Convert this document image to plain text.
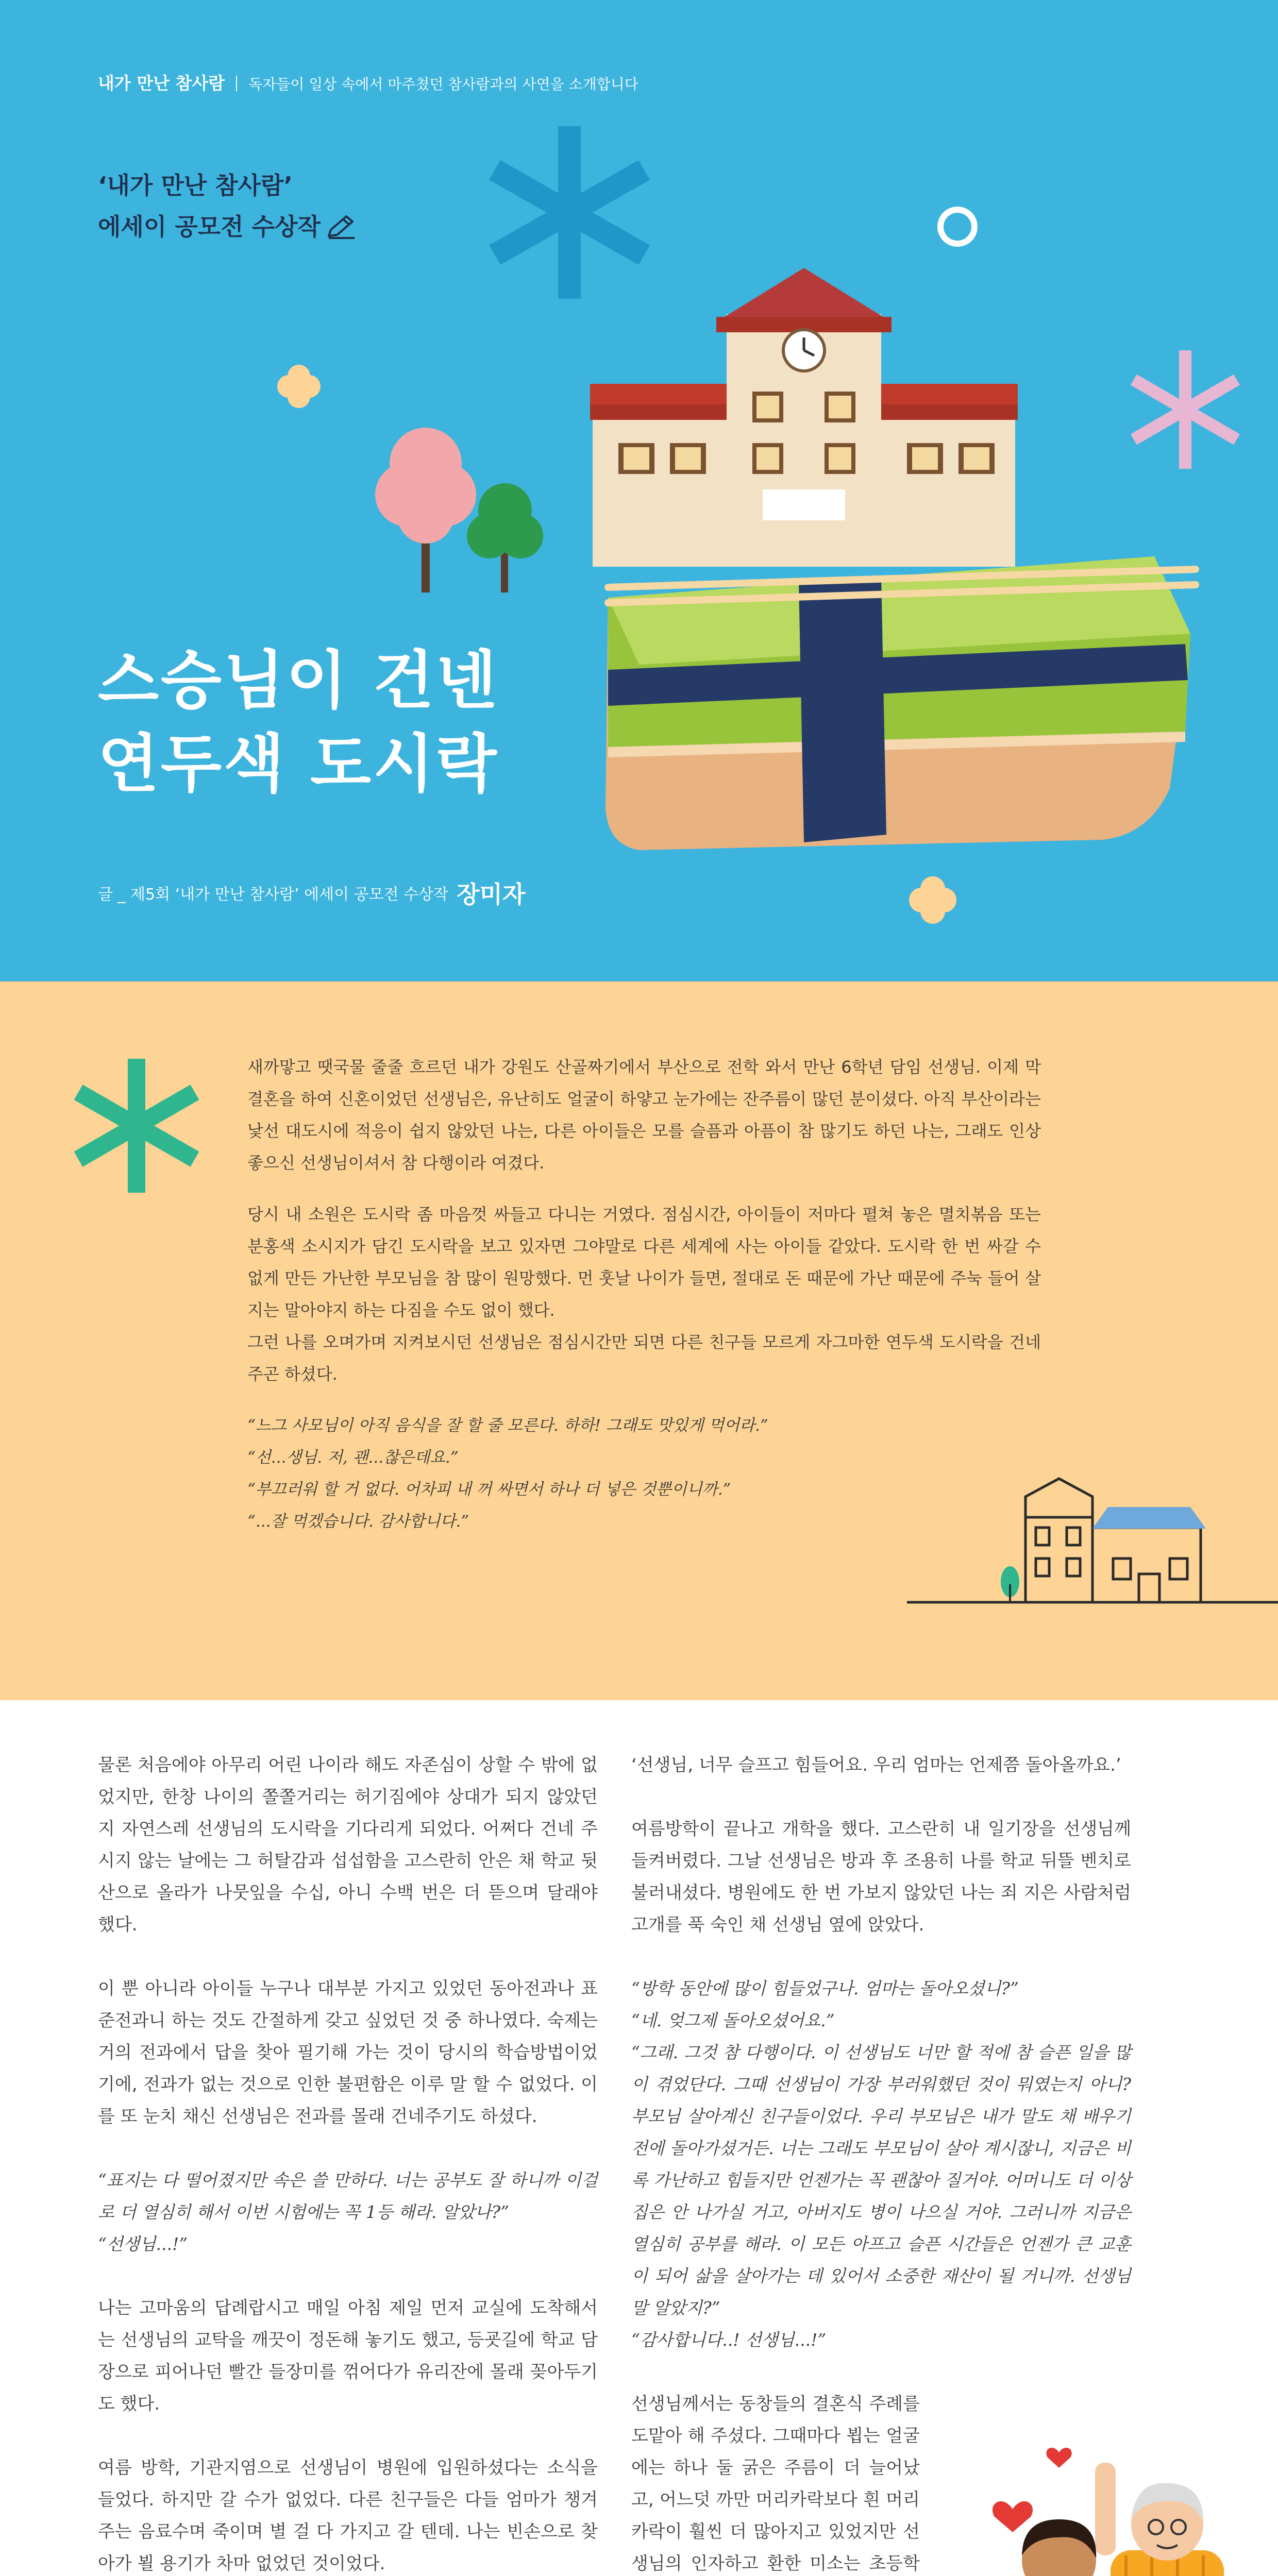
내가 만난 참사람 독자들이 일상 속에서 마주쳤던 참사람과의 사연을 소개합니다
‘내가 만난 참사람’
에세이 공모전 수상작
스승님이 건넨
연두색 도시락
글 _ 제5회 ‘내가 만난 참사람’ 에세이 공모전 수상작 장미자

새까맣고 땟국물 줄줄 흐르던 내가 강원도 산골짜기에서 부산으로 전학 와서 만난 6학년 담임 선생님. 이제 막 결혼을 하여 신혼이었던 선생님은, 유난히도 얼굴이 하얗고 눈가에는 잔주름이 많던 분이셨다. 아직 부산이라는 낯선 대도시에 적응이 쉽지 않았던 나는, 다른 아이들은 모를 슬픔과 아픔이 참 많기도 하던 나는, 그래도 인상 좋으신 선생님이셔서 참 다행이라 여겼다.

당시 내 소원은 도시락 좀 마음껏 싸들고 다니는 거였다. 점심시간, 아이들이 저마다 펼쳐 놓은 멸치볶음 또는 분홍색 소시지가 담긴 도시락을 보고 있자면 그야말로 다른 세계에 사는 아이들 같았다. 도시락 한 번 싸갈 수 없게 만든 가난한 부모님을 참 많이 원망했다. 먼 훗날 나이가 들면, 절대로 돈 때문에 가난 때문에 주눅 들어 살지는 말아야지 하는 다짐을 수도 없이 했다.
그런 나를 오며가며 지켜보시던 선생님은 점심시간만 되면 다른 친구들 모르게 자그마한 연두색 도시락을 건네주곤 하셨다.

“느그 사모님이 아직 음식을 잘 할 줄 모른다. 하하! 그래도 맛있게 먹어라.”
“선...생님. 저, 괜...찮은데요.”
“부끄러워 할 거 없다. 어차피 내 꺼 싸면서 하나 더 넣은 것뿐이니까.”
“...잘 먹겠습니다. 감사합니다.”

물론 처음에야 아무리 어린 나이라 해도 자존심이 상할 수 밖에 없었지만, 한창 나이의 쫄쫄거리는 허기짐에야 상대가 되지 않았던지 자연스레 선생님의 도시락을 기다리게 되었다. 어쩌다 건네 주시지 않는 날에는 그 허탈감과 섭섭함을 고스란히 안은 채 학교 뒷산으로 올라가 나뭇잎을 수십, 아니 수백 번은 더 뜯으며 달래야 했다.

이 뿐 아니라 아이들 누구나 대부분 가지고 있었던 동아전과나 표준전과니 하는 것도 간절하게 갖고 싶었던 것 중 하나였다. 숙제는 거의 전과에서 답을 찾아 필기해 가는 것이 당시의 학습방법이었기에, 전과가 없는 것으로 인한 불편함은 이루 말 할 수 없었다. 이를 또 눈치 채신 선생님은 전과를 몰래 건네주기도 하셨다.

“표지는 다 떨어졌지만 속은 쓸 만하다. 너는 공부도 잘 하니까 이걸로 더 열심히 해서 이번 시험에는 꼭 1등 해라. 알았나?”
“선생님...!”

나는 고마움의 답례랍시고 매일 아침 제일 먼저 교실에 도착해서는 선생님의 교탁을 깨끗이 정돈해 놓기도 했고, 등굣길에 학교 담장으로 피어나던 빨간 들장미를 꺾어다가 유리잔에 몰래 꽂아두기도 했다.

여름 방학, 기관지염으로 선생님이 병원에 입원하셨다는 소식을 들었다. 하지만 갈 수가 없었다. 다른 친구들은 다들 엄마가 챙겨주는 음료수며 죽이며 별 걸 다 가지고 갈 텐데. 나는 빈손으로 찾아가 뵐 용기가 차마 없었던 것이었다.

‘선생님, 너무 슬프고 힘들어요. 우리 엄마는 언제쯤 돌아올까요.’

여름방학이 끝나고 개학을 했다. 고스란히 내 일기장을 선생님께 들켜버렸다. 그날 선생님은 방과 후 조용히 나를 학교 뒤뜰 벤치로 불러내셨다. 병원에도 한 번 가보지 않았던 나는 죄 지은 사람처럼 고개를 푹 숙인 채 선생님 옆에 앉았다.

“방학 동안에 많이 힘들었구나. 엄마는 돌아오셨니?”
“네. 엊그제 돌아오셨어요.”
“그래. 그것 참 다행이다. 이 선생님도 너만 할 적에 참 슬픈 일을 많이 겪었단다. 그때 선생님이 가장 부러워했던 것이 뭐였는지 아니? 부모님 살아계신 친구들이었다. 우리 부모님은 내가 말도 채 배우기 전에 돌아가셨거든. 너는 그래도 부모님이 살아 계시잖니, 지금은 비록 가난하고 힘들지만 언젠가는 꼭 괜찮아 질거야. 어머니도 더 이상 집은 안 나가실 거고, 아버지도 병이 나으실 거야. 그러니까 지금은 열심히 공부를 해라. 이 모든 아프고 슬픈 시간들은 언젠가 큰 교훈이 되어 삶을 살아가는 데 있어서 소중한 재산이 될 거니까. 선생님 말 알았지?”
“감사합니다..! 선생님...!”

선생님께서는 동창들의 결혼식 주례를 도맡아 해 주셨다. 그때마다 뵙는 얼굴에는 하나 둘 굵은 주름이 더 늘어났고, 어느덧 까만 머리카락보다 흰 머리카락이 훨씬 더 많아지고 있었지만 선생님의 인자하고 환한 미소는 초등학
